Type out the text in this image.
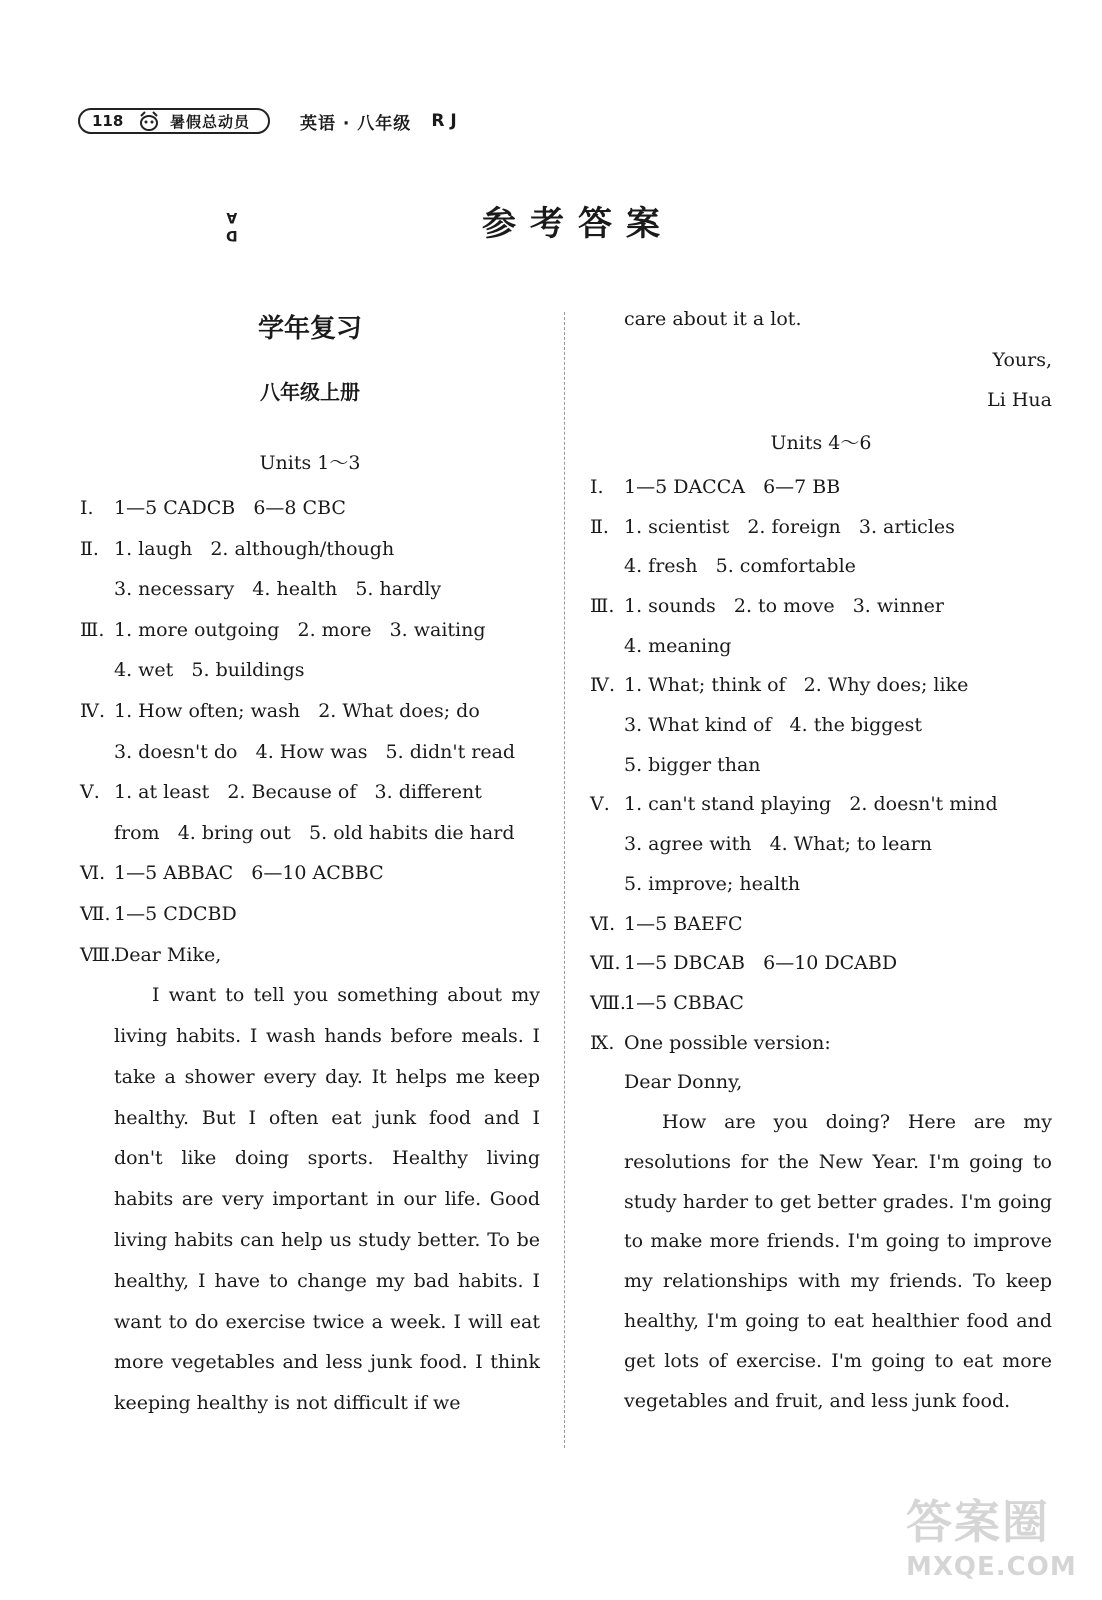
118	暑假总动员	英语 · 八年级 RJ
A
D	参考答案
学年复习
八年级上册
Units 1～3
Ⅰ. 1—5 CADCB   6—8 CBC
Ⅱ. 1. laugh   2. although/though
3. necessary   4. health   5. hardly
Ⅲ. 1. more outgoing   2. more   3. waiting
4. wet   5. buildings
Ⅳ. 1. How often; wash   2. What does; do
3. doesn't do   4. How was   5. didn't read
Ⅴ. 1. at least   2. Because of   3. different
from   4. bring out   5. old habits die hard
Ⅵ. 1—5 ABBAC   6—10 ACBBC
Ⅶ. 1—5 CDCBD
Ⅷ.Dear Mike,
I want to tell you something about my living habits. I wash hands before meals. I take a shower every day. It helps me keep healthy. But I often eat junk food and I don't like doing sports. Healthy living habits are very important in our life. Good living habits can help us study better. To be healthy, I have to change my bad habits. I want to do exercise twice a week. I will eat more vegetables and less junk food. I think keeping healthy is not difficult if we
care about it a lot.
Yours,
Li Hua
Units 4～6
Ⅰ. 1—5 DACCA   6—7 BB
Ⅱ. 1. scientist   2. foreign   3. articles
4. fresh   5. comfortable
Ⅲ. 1. sounds   2. to move   3. winner
4. meaning
Ⅳ. 1. What; think of   2. Why does; like
3. What kind of   4. the biggest
5. bigger than
Ⅴ. 1. can't stand playing   2. doesn't mind
3. agree with   4. What; to learn
5. improve; health
Ⅵ. 1—5 BAEFC
Ⅶ. 1—5 DBCAB   6—10 DCABD
Ⅷ.1—5 CBBAC
Ⅸ. One possible version:
Dear Donny,
How are you doing? Here are my resolutions for the New Year. I'm going to study harder to get better grades. I'm going to make more friends. I'm going to improve my relationships with my friends. To keep healthy, I'm going to eat healthier food and get lots of exercise. I'm going to eat more vegetables and fruit, and less junk food.
答案圈
MXQE.COM
